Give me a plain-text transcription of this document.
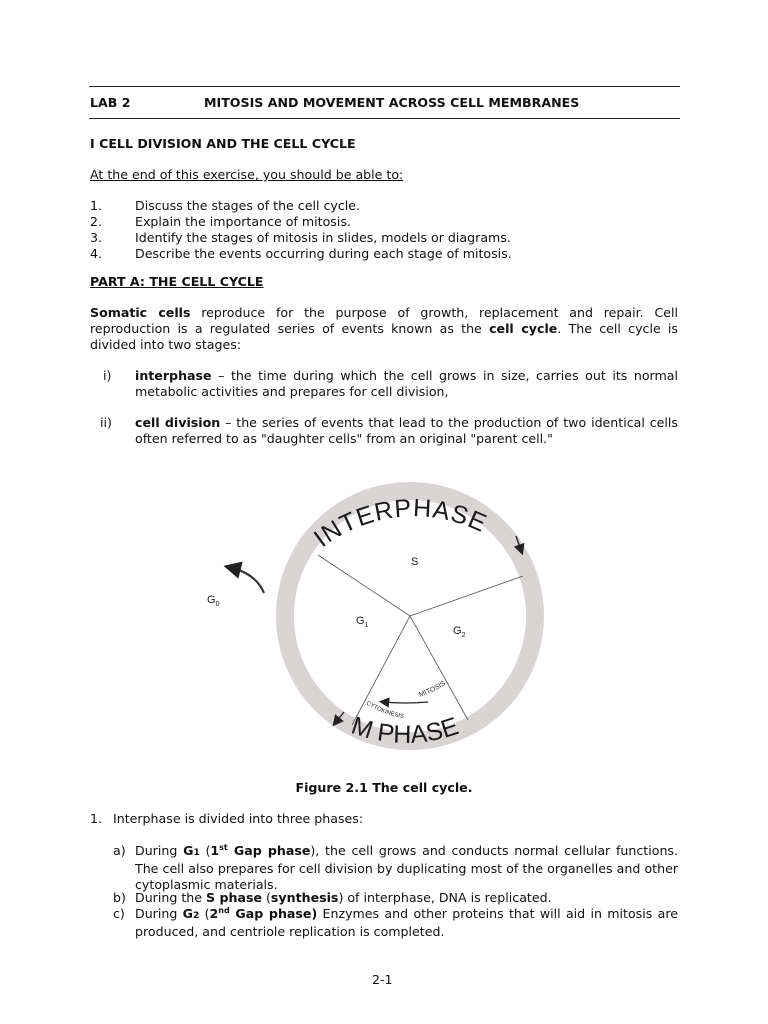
LAB 2	MITOSIS AND MOVEMENT ACROSS CELL MEMBRANES
I CELL DIVISION AND THE CELL CYCLE
At the end of this exercise, you should be able to:
1.	Discuss the stages of the cell cycle.
2.	Explain the importance of mitosis.
3.	Identify the stages of mitosis in slides, models or diagrams.
4.	Describe the events occurring during each stage of mitosis.
PART A: THE CELL CYCLE
Somatic cells reproduce for the purpose of growth, replacement and repair. Cell
reproduction is a regulated series of events known as the cell cycle. The cell cycle is
divided into two stages:
i) interphase – the time during which the cell grows in size, carries out its normal
metabolic activities and prepares for cell division,
ii) cell division – the series of events that lead to the production of two identical cells
often referred to as "daughter cells" from an original "parent cell."
INTERPHASE
M PHASE
MITOSIS
CYTOKINESIS
S
$G_1$	$G_2$
$G_0$
Figure 2.1 The cell cycle.
1. Interphase is divided into three phases:
a) During G1 (1st Gap phase), the cell grows and conducts normal cellular functions.
The cell also prepares for cell division by duplicating most of the organelles and other
cytoplasmic materials.
b) During the S phase (synthesis) of interphase, DNA is replicated.
c) During G2 (2nd Gap phase) Enzymes and other proteins that will aid in mitosis are
produced, and centriole replication is completed.
2-1
